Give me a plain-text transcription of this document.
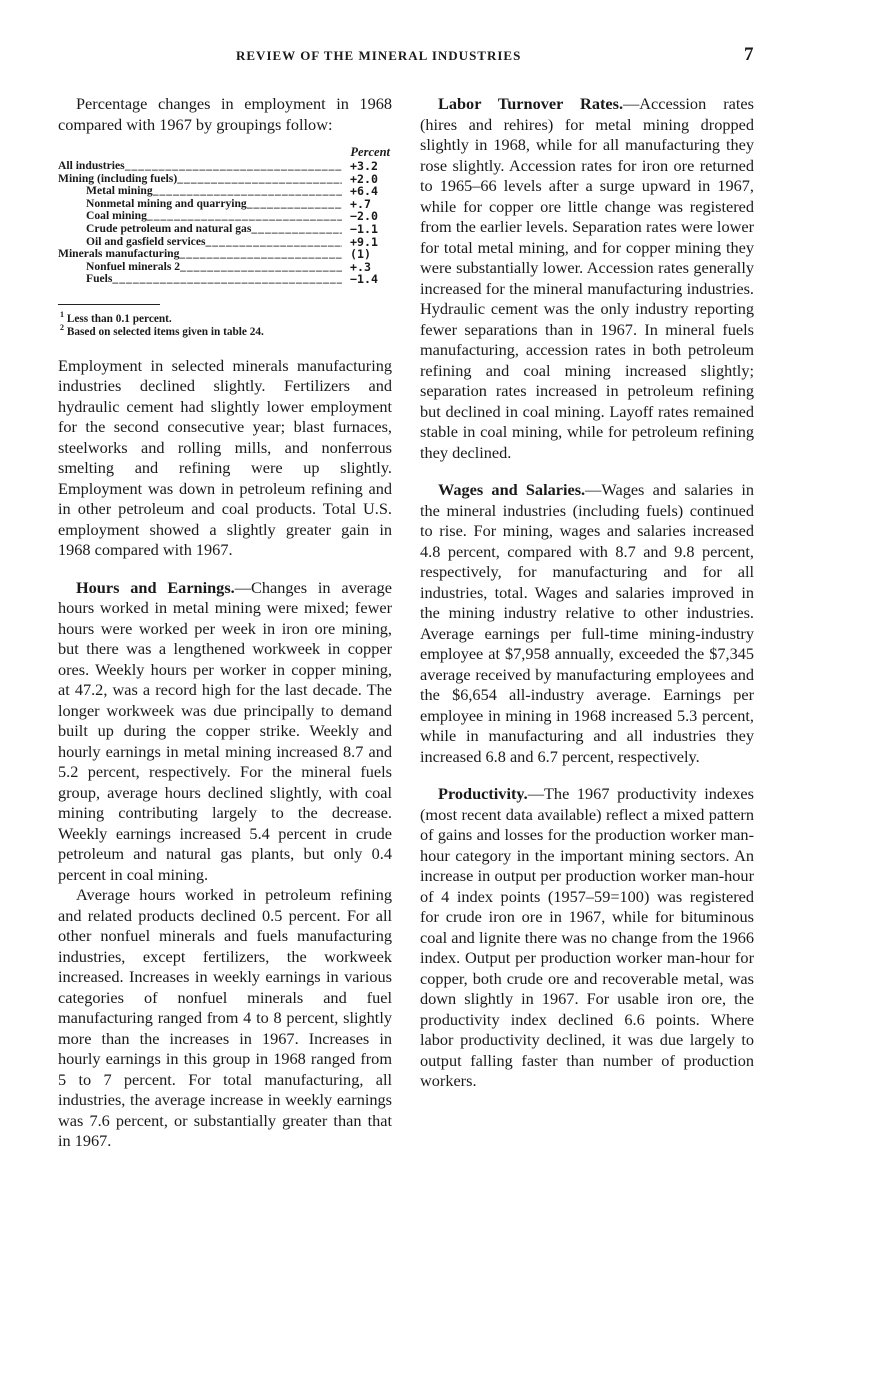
REVIEW OF THE MINERAL INDUSTRIES	7

Percentage changes in employment in 1968 compared with 1967 by groupings follow:

Percent
All industries _____	+3.2
Mining (including fuels) _____	+2.0
Metal mining _____	+6.4
Nonmetal mining and quarrying _____	+.7
Coal mining _____	−2.0
Crude petroleum and natural gas _____	−1.1
Oil and gasfield services _____	+9.1
Minerals manufacturing _____	(1)
Nonfuel minerals 2 _____	+.3
Fuels _____	−1.4
$^1$ Less than 0.1 percent.
$^2$ Based on selected items given in table 24.

Employment in selected minerals manufacturing industries declined slightly. Fertilizers and hydraulic cement had slightly lower employment for the second consecutive year; blast furnaces, steelworks and rolling mills, and nonferrous smelting and refining were up slightly. Employment was down in petroleum refining and in other petroleum and coal products. Total U.S. employment showed a slightly greater gain in 1968 compared with 1967.

Hours and Earnings.—Changes in average hours worked in metal mining were mixed; fewer hours were worked per week in iron ore mining, but there was a lengthened workweek in copper ores. Weekly hours per worker in copper mining, at 47.2, was a record high for the last decade. The longer workweek was due principally to demand built up during the copper strike. Weekly and hourly earnings in metal mining increased 8.7 and 5.2 percent, respectively. For the mineral fuels group, average hours declined slightly, with coal mining contributing largely to the decrease. Weekly earnings increased 5.4 percent in crude petroleum and natural gas plants, but only 0.4 percent in coal mining.

Average hours worked in petroleum refining and related products declined 0.5 percent. For all other nonfuel minerals and fuels manufacturing industries, except fertilizers, the workweek increased. Increases in weekly earnings in various categories of nonfuel minerals and fuel manufacturing ranged from 4 to 8 percent, slightly more than the increases in 1967. Increases in hourly earnings in this group in 1968 ranged from 5 to 7 percent. For total manufacturing, all industries, the average increase in weekly earnings was 7.6 percent, or substantially greater than that in 1967.

Labor Turnover Rates.—Accession rates (hires and rehires) for metal mining dropped slightly in 1968, while for all manufacturing they rose slightly. Accession rates for iron ore returned to 1965–66 levels after a surge upward in 1967, while for copper ore little change was registered from the earlier levels. Separation rates were lower for total metal mining, and for copper mining they were substantially lower. Accession rates generally increased for the mineral manufacturing industries. Hydraulic cement was the only industry reporting fewer separations than in 1967. In mineral fuels manufacturing, accession rates in both petroleum refining and coal mining increased slightly; separation rates increased in petroleum refining but declined in coal mining. Layoff rates remained stable in coal mining, while for petroleum refining they declined.

Wages and Salaries.—Wages and salaries in the mineral industries (including fuels) continued to rise. For mining, wages and salaries increased 4.8 percent, compared with 8.7 and 9.8 percent, respectively, for manufacturing and for all industries, total. Wages and salaries improved in the mining industry relative to other industries. Average earnings per full-time mining-industry employee at $7,958 annually, exceeded the $7,345 average received by manufacturing employees and the $6,654 all-industry average. Earnings per employee in mining in 1968 increased 5.3 percent, while in manufacturing and all industries they increased 6.8 and 6.7 percent, respectively.

Productivity.—The 1967 productivity indexes (most recent data available) reflect a mixed pattern of gains and losses for the production worker man-hour category in the important mining sectors. An increase in output per production worker man-hour of 4 index points (1957–59=100) was registered for crude iron ore in 1967, while for bituminous coal and lignite there was no change from the 1966 index. Output per production worker man-hour for copper, both crude ore and recoverable metal, was down slightly in 1967. For usable iron ore, the productivity index declined 6.6 points. Where labor productivity declined, it was due largely to output falling faster than number of production workers.
